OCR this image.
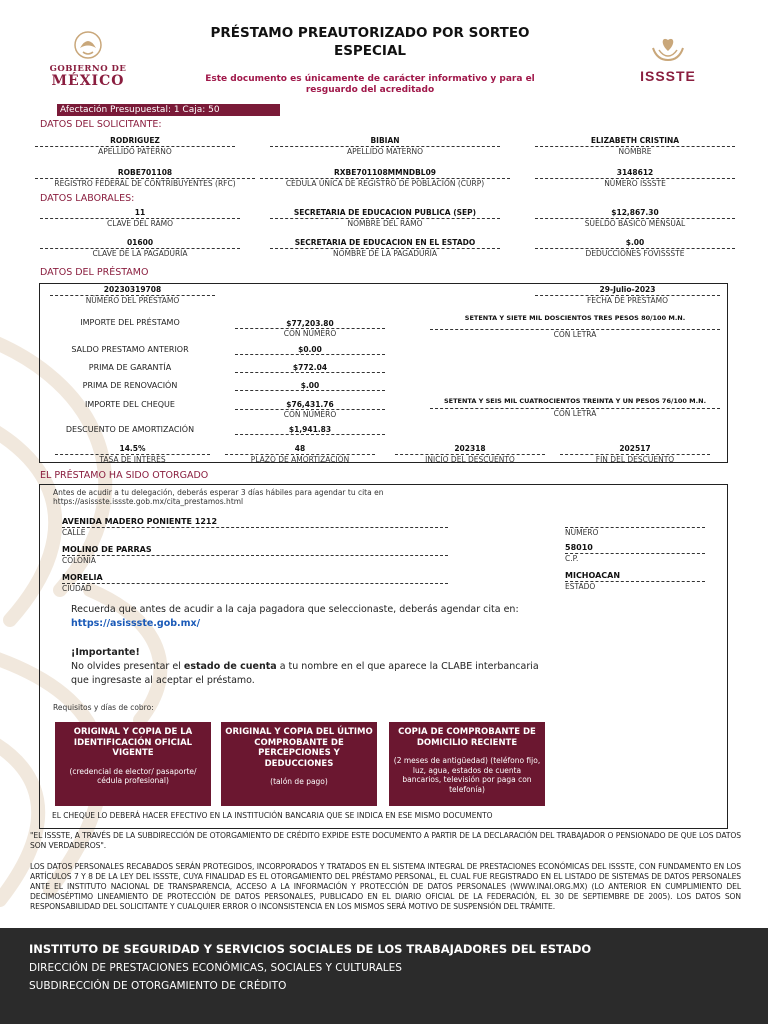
GOBIERNO DE
MÉXICO
PRÉSTAMO PREAUTORIZADO POR SORTEO
ESPECIAL
Este documento es únicamente de carácter informativo y para el
resguardo del acreditado
ISSSTE
Afectación Presupuestal: 1 Caja: 50
DATOS DEL SOLICITANTE:
RODRIGUEZ
APELLIDO PATERNO
BIBIAN
APELLIDO MATERNO
ELIZABETH CRISTINA
NOMBRE
ROBE701108
REGISTRO FEDERAL DE CONTRIBUYENTES (RFC)
RXBE701108MMNDBL09
CÉDULA ÚNICA DE REGISTRO DE POBLACIÓN (CURP)
3148612
NÚMERO ISSSTE
DATOS LABORALES:
11
CLAVE DEL RAMO
SECRETARIA DE EDUCACION PUBLICA (SEP)
NOMBRE DEL RAMO
$12,867.30
SUELDO BÁSICO MENSUAL
01600
CLAVE DE LA PAGADURÍA
SECRETARIA DE EDUCACION EN EL ESTADO
NOMBRE DE LA PAGADURÍA
$.00
DEDUCCIONES FOVISSSTE
DATOS DEL PRÉSTAMO
20230319708
NÚMERO DEL PRÉSTAMO
29-Julio-2023
FECHA DE PRÉSTAMO
IMPORTE DEL PRÉSTAMO	$77,203.80
CON NÚMERO
SETENTA Y SIETE MIL DOSCIENTOS TRES PESOS 80/100 M.N.
CON LETRA
SALDO PRESTAMO ANTERIOR	$0.00
PRIMA DE GARANTÍA	$772.04
PRIMA DE RENOVACIÓN	$.00
IMPORTE DEL CHEQUE	$76,431.76
CON NÚMERO
SETENTA Y SEIS MIL CUATROCIENTOS TREINTA Y UN PESOS 76/100 M.N.
CON LETRA
DESCUENTO DE AMORTIZACIÓN	$1,941.83
14.5%
TASA DE INTERÉS
48
PLAZO DE AMORTIZACIÓN
202318
INICIO DEL DESCUENTO
202517
FIN DEL DESCUENTO
EL PRÉSTAMO HA SIDO OTORGADO
Antes de acudir a tu delegación, deberás esperar 3 días hábiles para agendar tu cita en
https://asissste.issste.gob.mx/cita_prestamos.html
AVENIDA MADERO PONIENTE 1212
CALLE	NÚMERO
MOLINO DE PARRAS
COLONIA
58010
C.P.
MORELIA
CIUDAD
MICHOACAN
ESTADO
Recuerda que antes de acudir a la caja pagadora que seleccionaste, deberás agendar cita en: https://asissste.gob.mx/
¡Importante!
No olvides presentar el estado de cuenta a tu nombre en el que aparece la CLABE interbancaria que ingresaste al aceptar el préstamo.
Requisitos y días de cobro:
ORIGINAL Y COPIA DE LA IDENTIFICACIÓN OFICIAL VIGENTE
(credencial de elector/ pasaporte/ cédula profesional)
ORIGINAL Y COPIA DEL ÚLTIMO COMPROBANTE DE PERCEPCIONES Y DEDUCCIONES
(talón de pago)
COPIA DE COMPROBANTE DE DOMICILIO RECIENTE
(2 meses de antigüedad) (teléfono fijo, luz, agua, estados de cuenta bancarios, televisión por paga con telefonía)
EL CHEQUE LO DEBERÁ HACER EFECTIVO EN LA INSTITUCIÓN BANCARIA QUE SE INDICA EN ESE MISMO DOCUMENTO
"EL ISSSTE, A TRAVÉS DE LA SUBDIRECCIÓN DE OTORGAMIENTO DE CRÉDITO EXPIDE ESTE DOCUMENTO A PARTIR DE LA DECLARACIÓN DEL TRABAJADOR O PENSIONADO DE QUE LOS DATOS SON VERDADEROS".
LOS DATOS PERSONALES RECABADOS SERÁN PROTEGIDOS, INCORPORADOS Y TRATADOS EN EL SISTEMA INTEGRAL DE PRESTACIONES ECONÓMICAS DEL ISSSTE, CON FUNDAMENTO EN LOS ARTÍCULOS 7 Y 8 DE LA LEY DEL ISSSTE, CUYA FINALIDAD ES EL OTORGAMIENTO DEL PRÉSTAMO PERSONAL, EL CUAL FUE REGISTRADO EN EL LISTADO DE SISTEMAS DE DATOS PERSONALES ANTE EL INSTITUTO NACIONAL DE TRANSPARENCIA, ACCESO A LA INFORMACIÓN Y PROTECCIÓN DE DATOS PERSONALES (WWW.INAI.ORG.MX) (LO ANTERIOR EN CUMPLIMIENTO DEL DECIMOSÉPTIMO LINEAMIENTO DE PROTECCIÓN DE DATOS PERSONALES, PUBLICADO EN EL DIARIO OFICIAL DE LA FEDERACIÓN, EL 30 DE SEPTIEMBRE DE 2005). LOS DATOS SON RESPONSABILIDAD DEL SOLICITANTE Y CUALQUIER ERROR O INCONSISTENCIA EN LOS MISMOS SERÁ MOTIVO DE SUSPENSIÓN DEL TRÁMITE.
INSTITUTO DE SEGURIDAD Y SERVICIOS SOCIALES DE LOS TRABAJADORES DEL ESTADO
DIRECCIÓN DE PRESTACIONES ECONÓMICAS, SOCIALES Y CULTURALES
SUBDIRECCIÓN DE OTORGAMIENTO DE CRÉDITO
